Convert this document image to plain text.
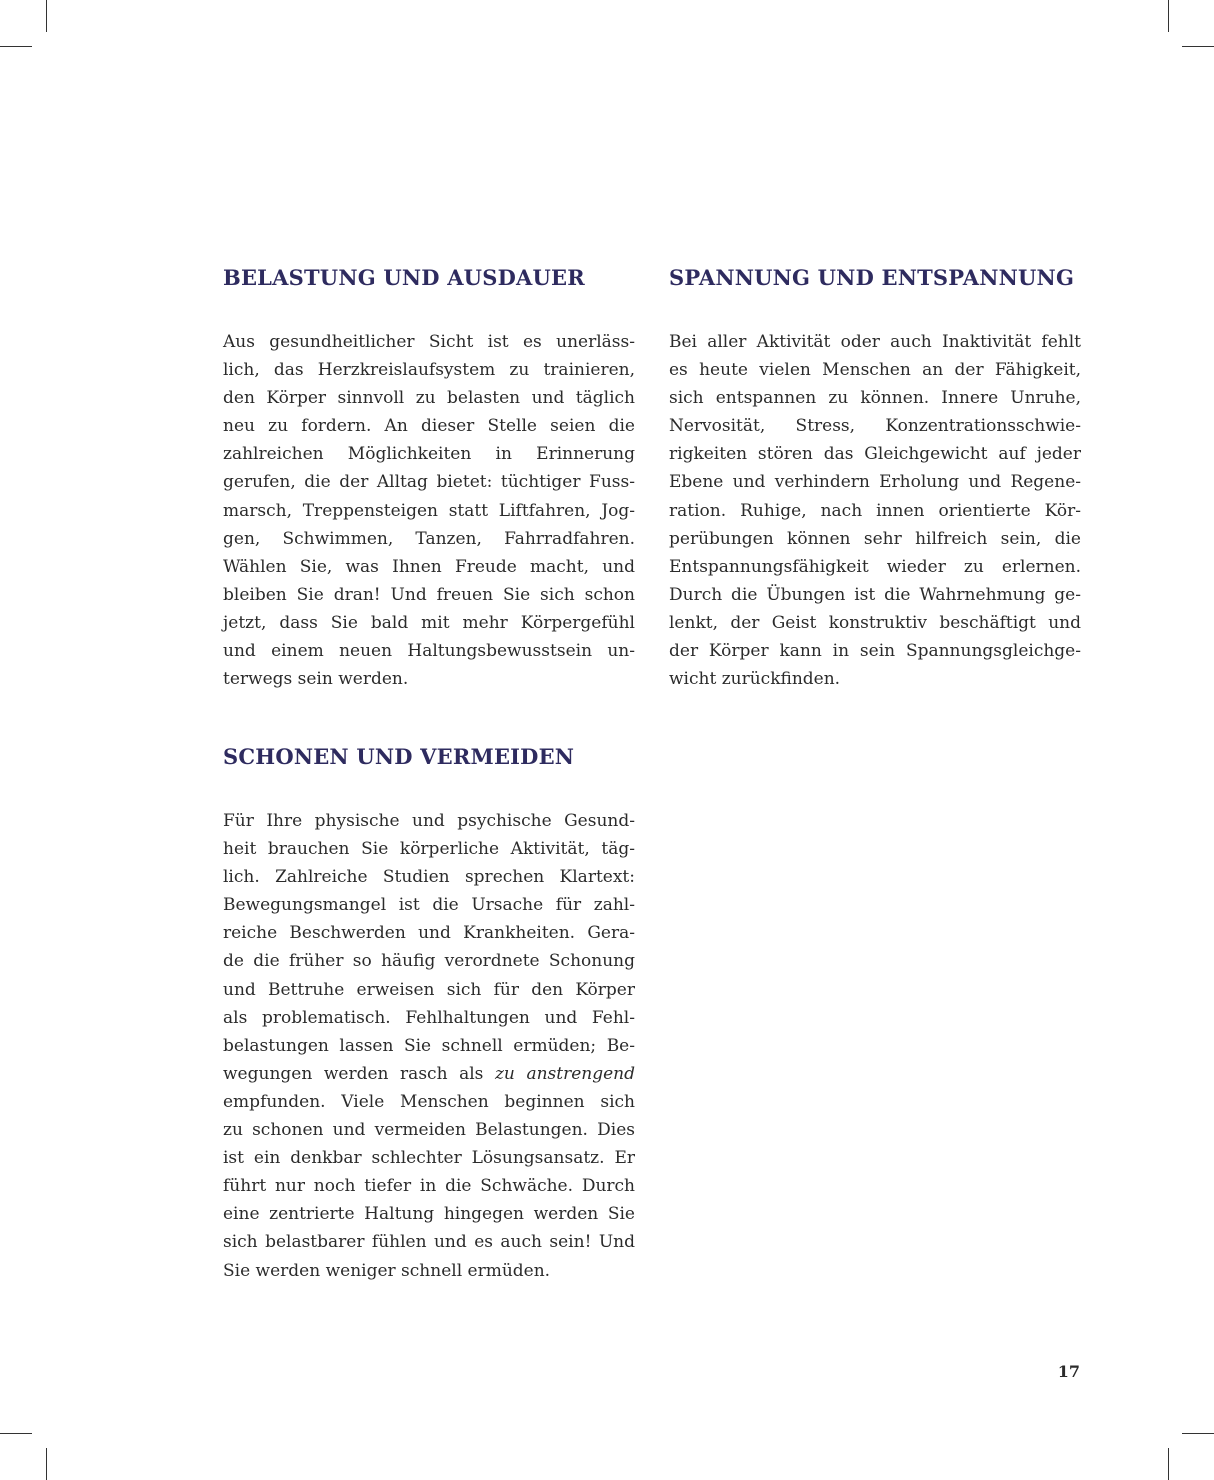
BELASTUNG UND AUSDAUER

Aus gesundheitlicher Sicht ist es unerläss-
lich, das Herzkreislaufsystem zu trainieren,
den Körper sinnvoll zu belasten und täglich
neu zu fordern. An dieser Stelle seien die
zahlreichen Möglichkeiten in Erinnerung
gerufen, die der Alltag bietet: tüchtiger Fuss-
marsch, Treppensteigen statt Liftfahren, Jog-
gen, Schwimmen, Tanzen, Fahrradfahren.
Wählen Sie, was Ihnen Freude macht, und
bleiben Sie dran! Und freuen Sie sich schon
jetzt, dass Sie bald mit mehr Körpergefühl
und einem neuen Haltungsbewusstsein un-
terwegs sein werden.

SPANNUNG UND ENTSPANNUNG

Bei aller Aktivität oder auch Inaktivität fehlt
es heute vielen Menschen an der Fähigkeit,
sich entspannen zu können. Innere Unruhe,
Nervosität, Stress, Konzentrationsschwie-
rigkeiten stören das Gleichgewicht auf jeder
Ebene und verhindern Erholung und Regene-
ration. Ruhige, nach innen orientierte Kör-
perübungen können sehr hilfreich sein, die
Entspannungsfähigkeit wieder zu erlernen.
Durch die Übungen ist die Wahrnehmung ge-
lenkt, der Geist konstruktiv beschäftigt und
der Körper kann in sein Spannungsgleichge-
wicht zurückfinden.

SCHONEN UND VERMEIDEN

Für Ihre physische und psychische Gesund-
heit brauchen Sie körperliche Aktivität, täg-
lich. Zahlreiche Studien sprechen Klartext:
Bewegungsmangel ist die Ursache für zahl-
reiche Beschwerden und Krankheiten. Gera-
de die früher so häufig verordnete Schonung
und Bettruhe erweisen sich für den Körper
als problematisch. Fehlhaltungen und Fehl-
belastungen lassen Sie schnell ermüden; Be-
wegungen werden rasch als zu anstrengend
empfunden. Viele Menschen beginnen sich
zu schonen und vermeiden Belastungen. Dies
ist ein denkbar schlechter Lösungsansatz. Er
führt nur noch tiefer in die Schwäche. Durch
eine zentrierte Haltung hingegen werden Sie
sich belastbarer fühlen und es auch sein! Und
Sie werden weniger schnell ermüden.

17
